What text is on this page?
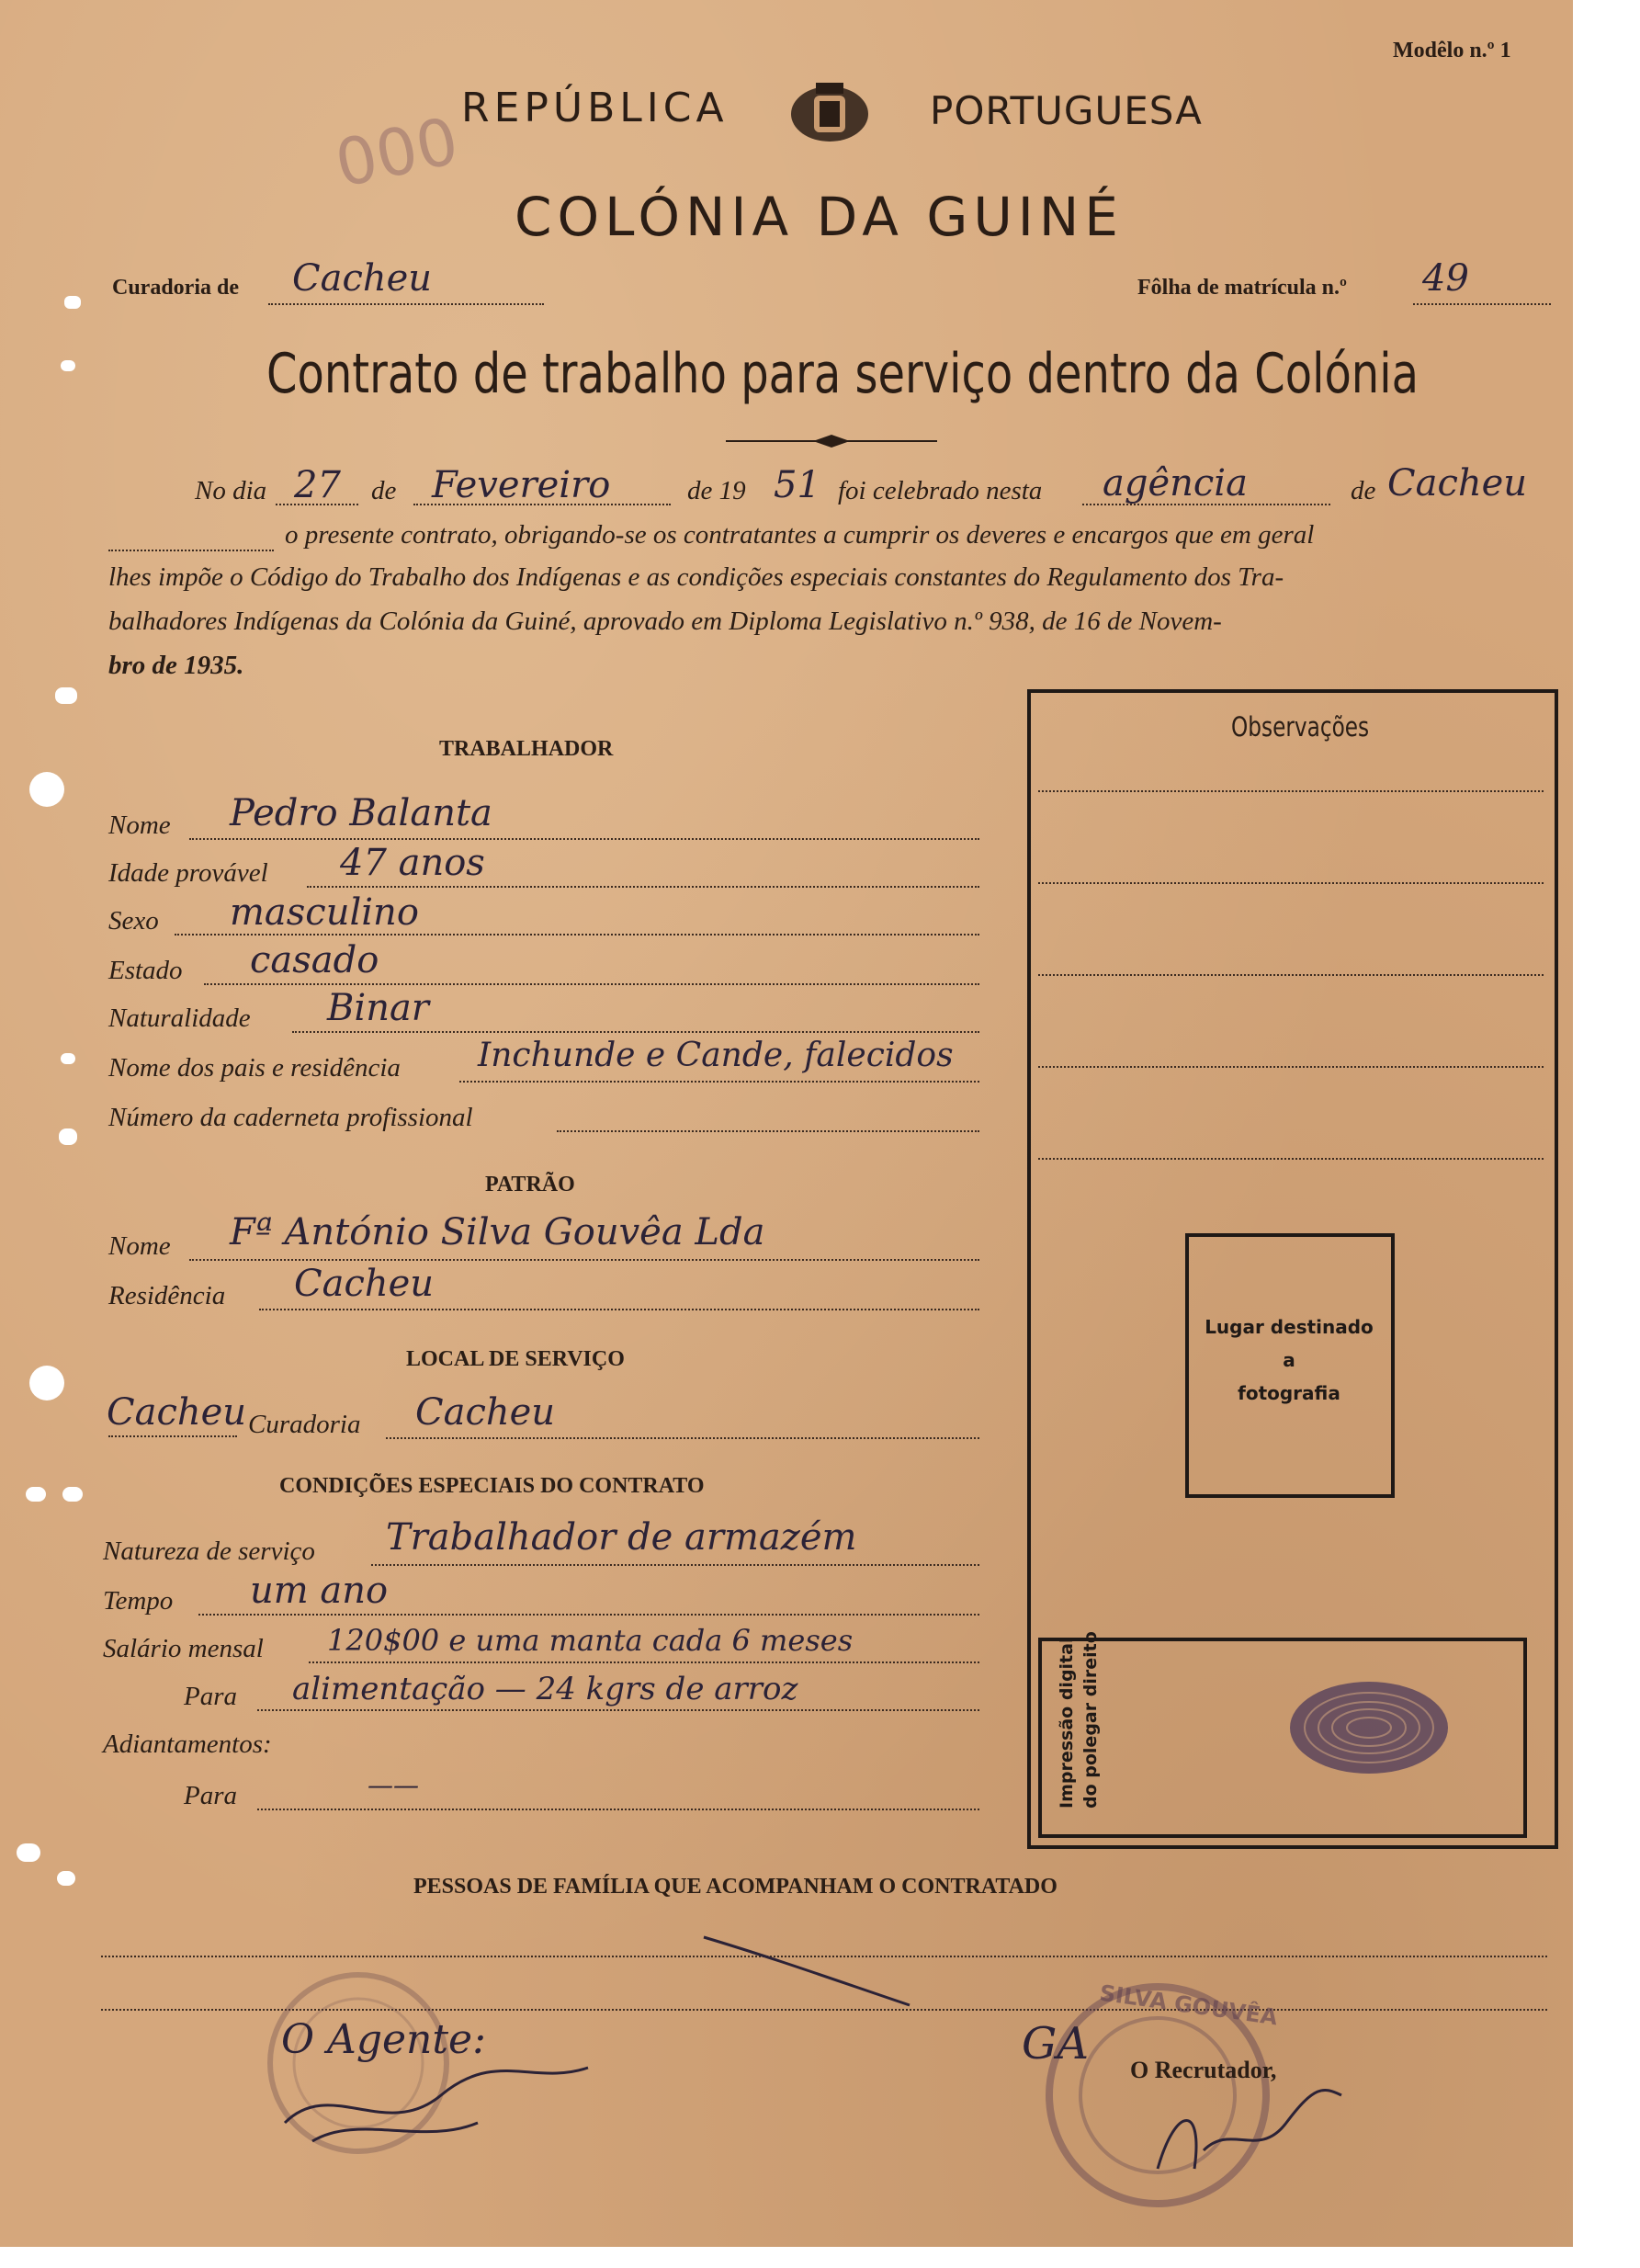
Modêlo n.º 1
REPÚBLICA	PORTUGUESA
COLÓNIA DA GUINÉ
000
Curadoria de Cacheu	Fôlha de matrícula n.º 49
Contrato de trabalho para serviço dentro da Colónia
No dia 27 de Fevereiro	de 19 51 foi celebrado nesta agência	de Cacheu
o presente contrato, obrigando-se os contratantes a cumprir os deveres e encargos que em geral
lhes impõe o Código do Trabalho dos Indígenas e as condições especiais constantes do Regulamento dos Tra-
balhadores Indígenas da Colónia da Guiné, aprovado em Diploma Legislativo n.º 938, de 16 de Novem-
bro de 1935.
Observações
Lugar destinado
a
fotografia
Impressão digital do polegar direito
TRABALHADOR
Nome Pedro Balanta
Idade provável 47 anos
Sexo masculino
Estado casado
Naturalidade Binar
Nome dos pais e residência Inchunde e Cande, falecidos
Número da caderneta profissional
PATRÃO
Nome Fª António Silva Gouvêa Lda
Residência Cacheu
LOCAL DE SERVIÇO
Cacheu Curadoria Cacheu
CONDIÇÕES ESPECIAIS DO CONTRATO
Natureza de serviço Trabalhador de armazém
Tempo um ano
Salário mensal 120$00 e uma manta cada 6 meses
Para alimentação — 24 kgrs de arroz
Adiantamentos:
Para	——
PESSOAS DE FAMÍLIA QUE ACOMPANHAM O CONTRATADO
O Agente:
SILVA GOUVÊA
GA
O Recrutador,
